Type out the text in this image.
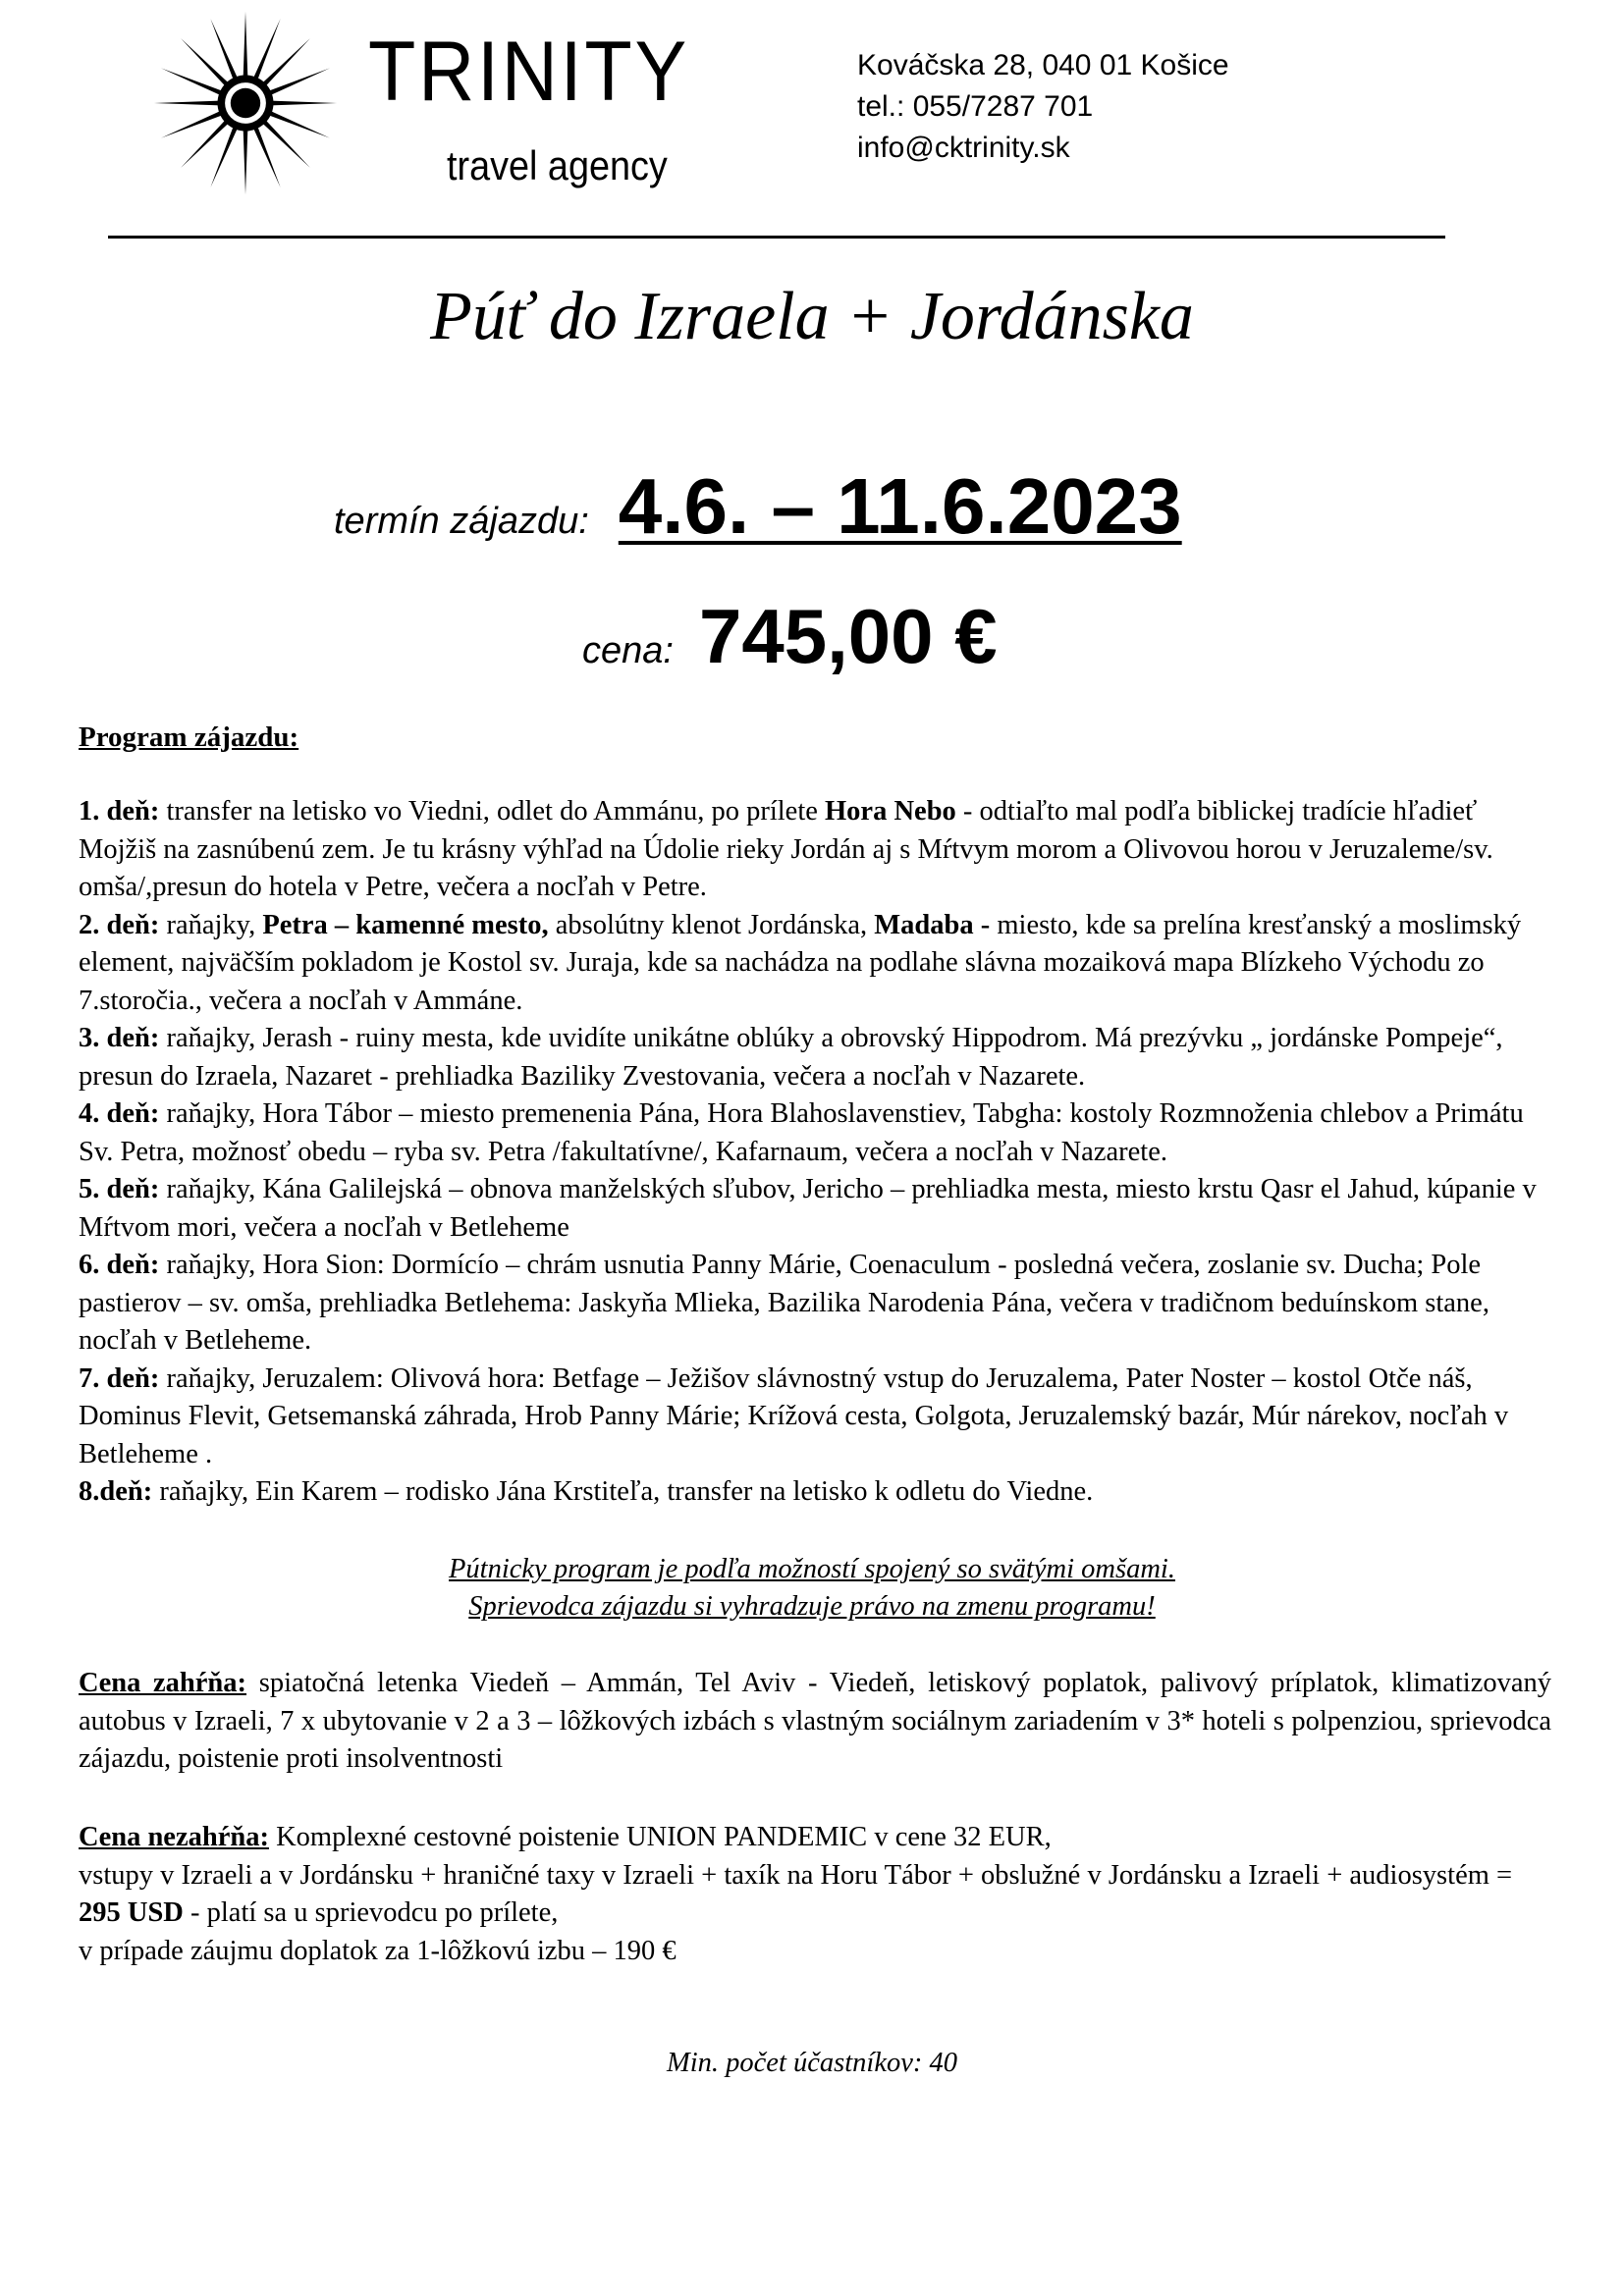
TRINITY
travel agency
Kováčska 28, 040 01 Košice
tel.: 055/7287 701
info@cktrinity.sk
Púť do Izraela + Jordánska
termín zájazdu: 4.6. – 11.6.2023
cena: 745,00 €
Program zájazdu:

1. deň: transfer na letisko vo Viedni, odlet do Ammánu, po prílete Hora Nebo - odtiaľto mal podľa biblickej tradície hľadieť Mojžiš na zasnúbenú zem. Je tu krásny výhľad na Údolie rieky Jordán aj s Mŕtvym morom a Olivovou horou v Jeruzaleme/sv. omša/,presun do hotela v Petre, večera a nocľah v Petre.

2. deň: raňajky, Petra – kamenné mesto, absolútny klenot Jordánska, Madaba - miesto, kde sa prelína kresťanský a moslimský element, najväčším pokladom je Kostol sv. Juraja, kde sa nachádza na podlahe slávna mozaiková mapa Blízkeho Východu zo 7.storočia., večera a nocľah v Ammáne.

3. deň: raňajky, Jerash - ruiny mesta, kde uvidíte unikátne oblúky a obrovský Hippodrom. Má prezývku „ jordánske Pompeje“, presun do Izraela, Nazaret - prehliadka Baziliky Zvestovania, večera a nocľah v Nazarete.

4. deň: raňajky, Hora Tábor – miesto premenenia Pána, Hora Blahoslavenstiev, Tabgha: kostoly Rozmnoženia chlebov a Primátu Sv. Petra, možnosť obedu – ryba sv. Petra /fakultatívne/, Kafarnaum, večera a nocľah v Nazarete.

5. deň: raňajky, Kána Galilejská – obnova manželských sľubov, Jericho – prehliadka mesta, miesto krstu Qasr el Jahud, kúpanie v Mŕtvom mori, večera a nocľah v Betleheme

6. deň: raňajky, Hora Sion: Dormícío – chrám usnutia Panny Márie, Coenaculum - posledná večera, zoslanie sv. Ducha; Pole pastierov – sv. omša, prehliadka Betlehema: Jaskyňa Mlieka, Bazilika Narodenia Pána, večera v tradičnom beduínskom stane, nocľah v Betleheme.

7. deň: raňajky, Jeruzalem: Olivová hora: Betfage – Ježišov slávnostný vstup do Jeruzalema, Pater Noster – kostol Otče náš, Dominus Flevit, Getsemanská záhrada, Hrob Panny Márie; Krížová cesta, Golgota, Jeruzalemský bazár, Múr nárekov, nocľah v Betleheme .

8.deň: raňajky, Ein Karem – rodisko Jána Krstiteľa, transfer na letisko k odletu do Viedne.

Pútnicky program je podľa možností spojený so svätými omšami.
Sprievodca zájazdu si vyhradzuje právo na zmenu programu!
Cena zahŕňa: spiatočná letenka Viedeň – Ammán, Tel Aviv - Viedeň, letiskový poplatok, palivový príplatok, klimatizovaný autobus v Izraeli, 7 x ubytovanie v 2 a 3 – lôžkových izbách s vlastným sociálnym zariadením v 3* hoteli s polpenziou, sprievodca zájazdu, poistenie proti insolventnosti
Cena nezahŕňa: Komplexné cestovné poistenie UNION PANDEMIC v cene 32 EUR,
vstupy v Izraeli a v Jordánsku + hraničné taxy v Izraeli + taxík na Horu Tábor + obslužné v Jordánsku a Izraeli + audiosystém = 295 USD - platí sa u sprievodcu po prílete,
v prípade záujmu doplatok za 1-lôžkovú izbu – 190 €
Min. počet účastníkov: 40
